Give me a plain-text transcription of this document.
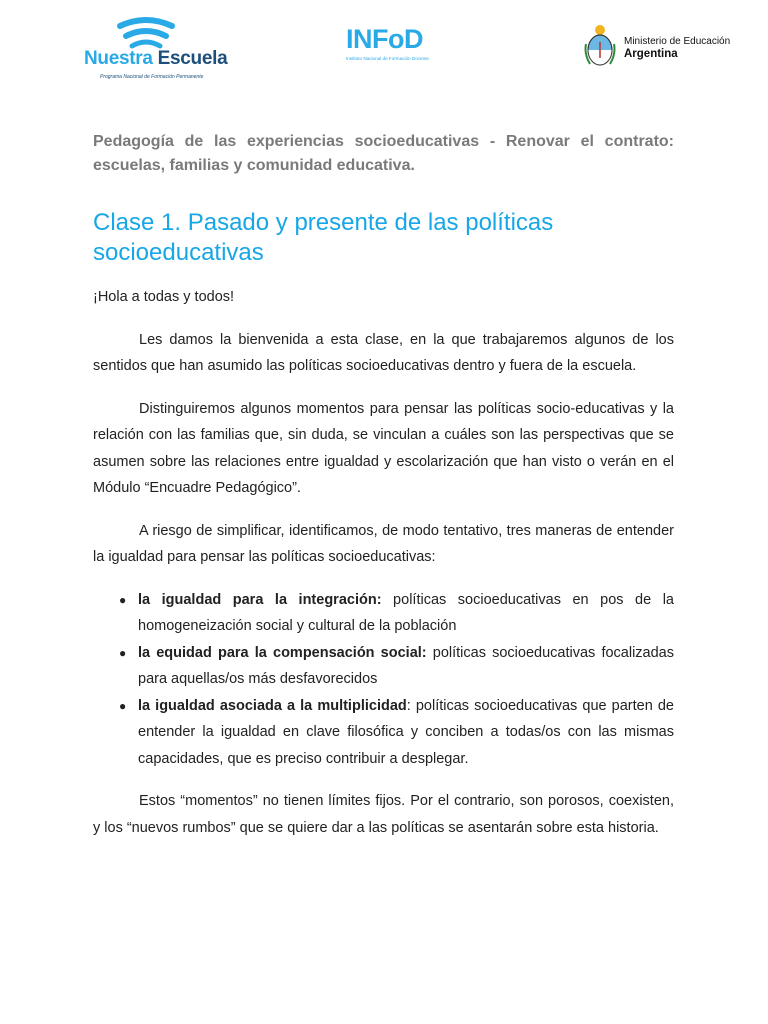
Nuestra Escuela
Programa Nacional de Formación Permanente
INFoD
Instituto Nacional de Formación Docente
Ministerio de Educación
Argentina

Pedagogía de las experiencias socioeducativas - Renovar el contrato: escuelas, familias y comunidad educativa.

Clase 1. Pasado y presente de las políticas socioeducativas

¡Hola a todas y todos!

Les damos la bienvenida a esta clase, en la que trabajaremos algunos de los sentidos que han asumido las políticas socioeducativas dentro y fuera de la escuela.

Distinguiremos algunos momentos para pensar las políticas socio-educativas y la relación con las familias que, sin duda, se vinculan a cuáles son las perspectivas que se asumen sobre las relaciones entre igualdad y escolarización que han visto o verán en el Módulo “Encuadre Pedagógico”.

A riesgo de simplificar, identificamos, de modo tentativo, tres maneras de entender la igualdad para pensar las políticas socioeducativas:

● la igualdad para la integración: políticas socioeducativas en pos de la homogeneización social y cultural de la población
● la equidad para la compensación social: políticas socioeducativas focalizadas para aquellas/os más desfavorecidos
● la igualdad asociada a la multiplicidad: políticas socioeducativas que parten de entender la igualdad en clave filosófica y conciben a todas/os con las mismas capacidades, que es preciso contribuir a desplegar.

Estos “momentos” no tienen límites fijos. Por el contrario, son porosos, coexisten, y los “nuevos rumbos” que se quiere dar a las políticas se asentarán sobre esta historia.
